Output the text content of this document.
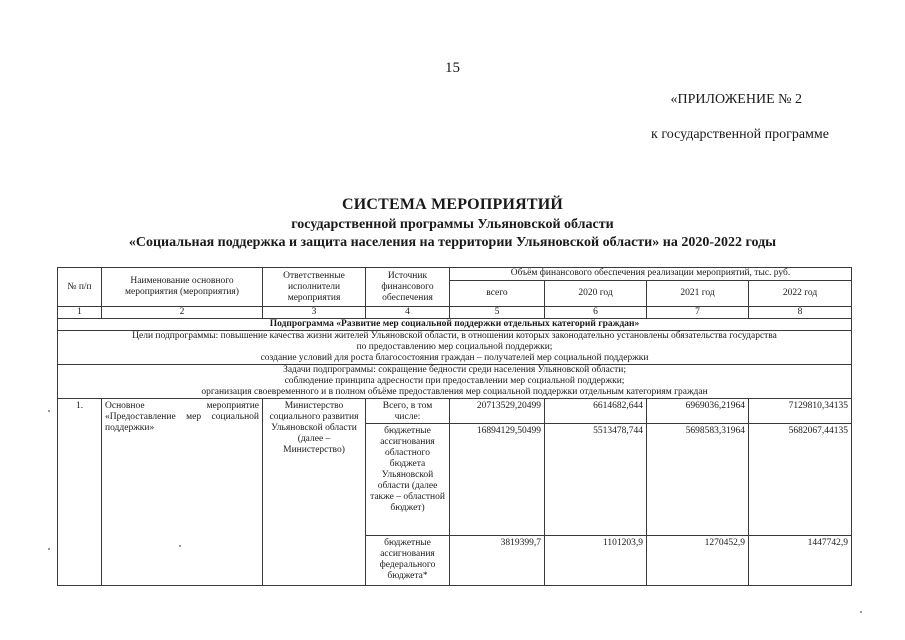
15
«ПРИЛОЖЕНИЕ № 2
к государственной программе
СИСТЕМА МЕРОПРИЯТИЙ
государственной программы Ульяновской области
«Социальная поддержка и защита населения на территории Ульяновской области» на 2020-2022 годы
№ п/п	Наименование основного мероприятия (мероприятия)	Ответственные исполнители мероприятия	Источник финансового обеспечения	Объём финансового обеспечения реализации мероприятий, тыс. руб.			
				всего	2020 год	2021 год	2022 год
1	2	3	4	5	6	7	8
Подпрограмма «Развитие мер социальной поддержки отдельных категорий граждан»							

Цели подпрограммы: повышение качества жизни жителей Ульяновской области, в отношении которых законодательно установлены обязательства государства
по предоставлению мер социальной поддержки;
создание условий для роста благосостояния граждан – получателей мер социальной поддержки							

Задачи подпрограммы: сокращение бедности среди населения Ульяновской области;
соблюдение принципа адресности при предоставлении мер социальной поддержки;
организация своевременного и в полном объёме предоставления мер социальной поддержки отдельным категориям граждан							

1.	Основное мероприятие «Предоставление мер социальной поддержки»	Министерство социального развития Ульяновской области (далее – Министерство)	Всего, в том числе:	20713529,20499	6614682,644	6969036,21964	7129810,34135
			бюджетные ассигнования областного бюджета Ульяновской области (далее также – областной бюджет)	16894129,50499	5513478,744	5698583,31964	5682067,44135
			бюджетные ассигнования федерального бюджета*	3819399,7	1101203,9	1270452,9	1447742,9
